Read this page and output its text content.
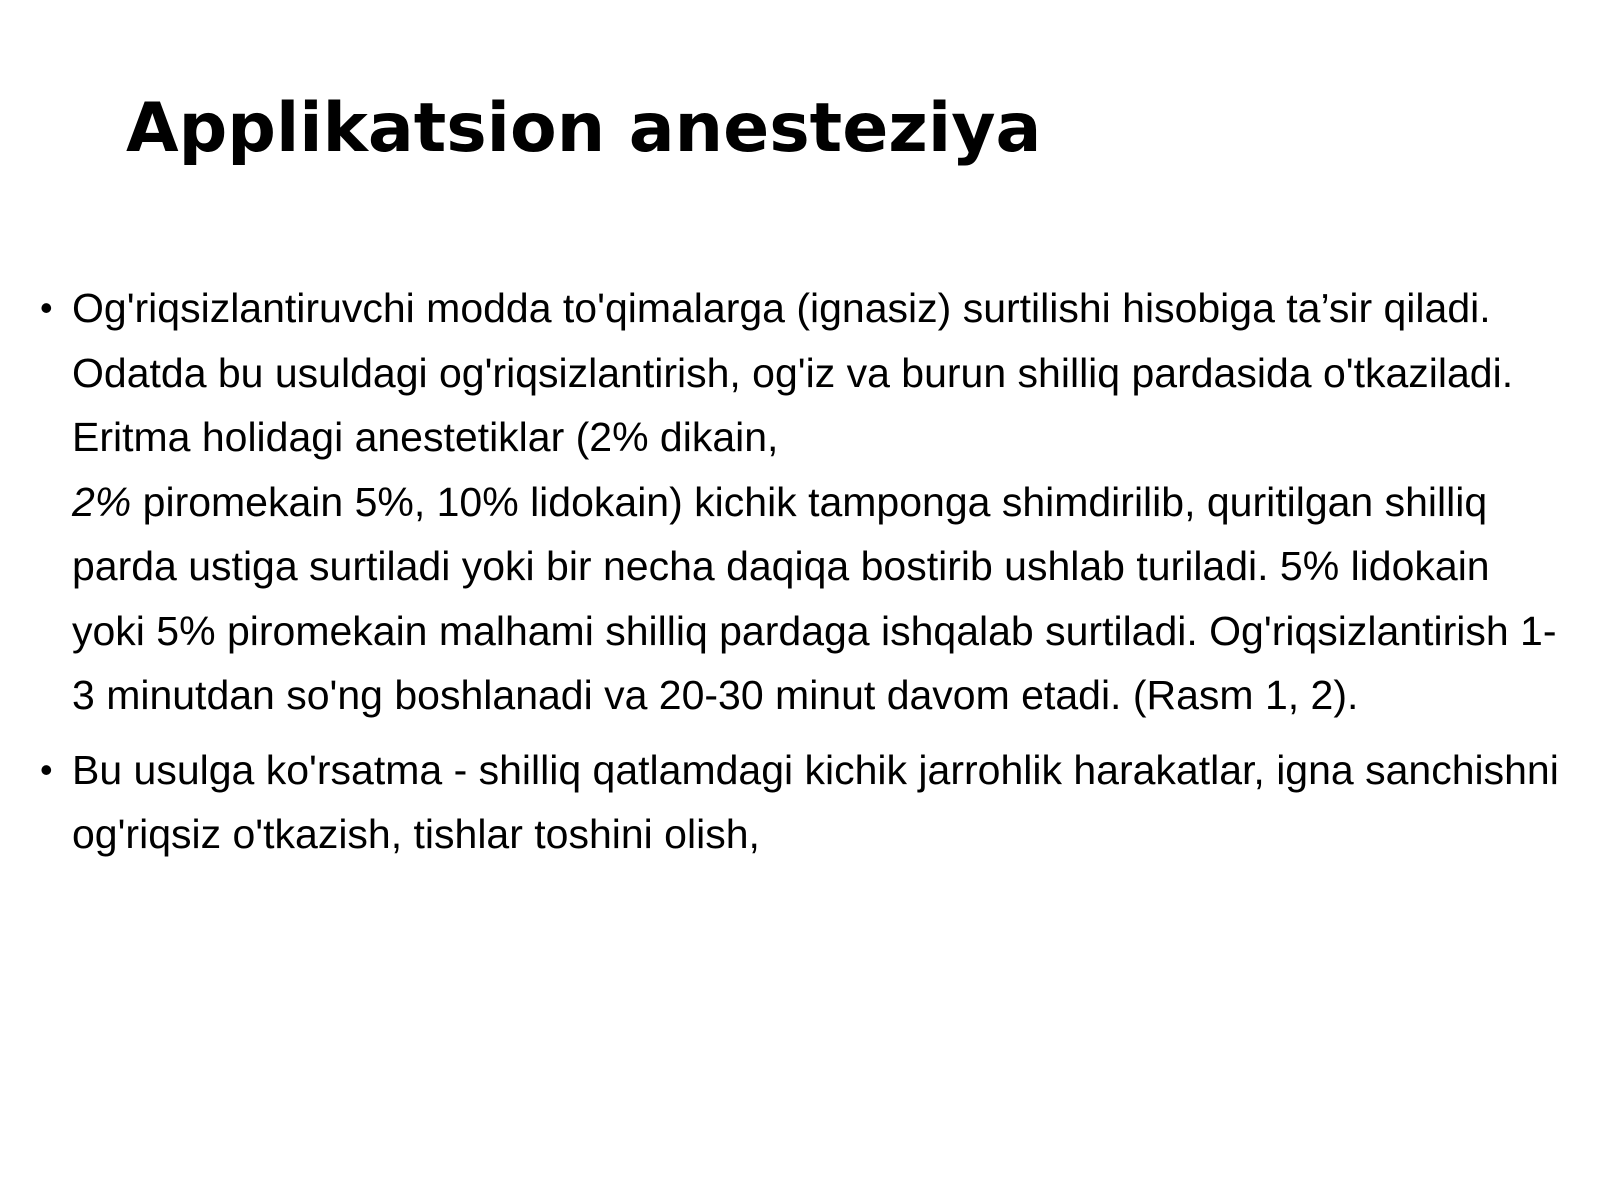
Applikatsion anesteziya
• Og'riqsizlantiruvchi modda to'qimalarga (ignasiz) surtilishi hisobiga ta’sir qiladi. Odatda bu usuldagi og'riqsizlantirish, og'iz va burun shilliq pardasida o'tkaziladi. Eritma holidagi anestetiklar (2% dikain,
2% piromekain 5%, 10% lidokain) kichik tamponga shimdirilib, quritilgan shilliq parda ustiga surtiladi yoki bir necha daqiqa bostirib ushlab turiladi. 5% lidokain yoki 5% piromekain malhami shilliq pardaga ishqalab surtiladi. Og'riqsizlantirish 1-3 minutdan so'ng boshlanadi va 20-30 minut davom etadi. (Rasm 1, 2).
• Bu usulga ko'rsatma - shilliq qatlamdagi kichik jarrohlik harakatlar, igna sanchishni og'riqsiz o'tkazish, tishlar toshini olish,
